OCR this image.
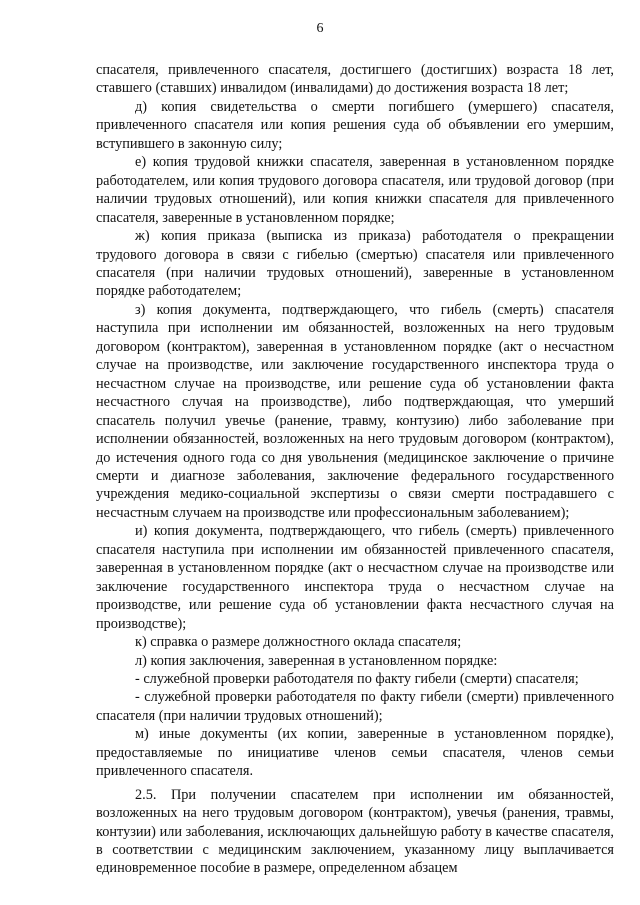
6

спасателя, привлеченного спасателя, достигшего (достигших) возраста 18 лет, ставшего (ставших) инвалидом (инвалидами) до достижения возраста 18 лет;

д) копия свидетельства о смерти погибшего (умершего) спасателя, привлеченного спасателя или копия решения суда об объявлении его умершим, вступившего в законную силу;

е) копия трудовой книжки спасателя, заверенная в установленном порядке работодателем, или копия трудового договора спасателя, или трудовой договор (при наличии трудовых отношений), или копия книжки спасателя для привлеченного спасателя, заверенные в установленном порядке;

ж) копия приказа (выписка из приказа) работодателя о прекращении трудового договора в связи с гибелью (смертью) спасателя или привлеченного спасателя (при наличии трудовых отношений), заверенные в установленном порядке работодателем;

з) копия документа, подтверждающего, что гибель (смерть) спасателя наступила при исполнении им обязанностей, возложенных на него трудовым договором (контрактом), заверенная в установленном порядке (акт о несчастном случае на производстве, или заключение государственного инспектора труда о несчастном случае на производстве, или решение суда об установлении факта несчастного случая на производстве), либо подтверждающая, что умерший спасатель получил увечье (ранение, травму, контузию) либо заболевание при исполнении обязанностей, возложенных на него трудовым договором (контрактом), до истечения одного года со дня увольнения (медицинское заключение о причине смерти и диагнозе заболевания, заключение федерального государственного учреждения медико-социальной экспертизы о связи смерти пострадавшего с несчастным случаем на производстве или профессиональным заболеванием);

и) копия документа, подтверждающего, что гибель (смерть) привлеченного спасателя наступила при исполнении им обязанностей привлеченного спасателя, заверенная в установленном порядке (акт о несчастном случае на производстве или заключение государственного инспектора труда о несчастном случае на производстве, или решение суда об установлении факта несчастного случая на производстве);

к) справка о размере должностного оклада спасателя;

л) копия заключения, заверенная в установленном порядке:

- служебной проверки работодателя по факту гибели (смерти) спасателя;

- служебной проверки работодателя по факту гибели (смерти) привлеченного спасателя (при наличии трудовых отношений);

м) иные документы (их копии, заверенные в установленном порядке), предоставляемые по инициативе членов семьи спасателя, членов семьи привлеченного спасателя.

2.5. При получении спасателем при исполнении им обязанностей, возложенных на него трудовым договором (контрактом), увечья (ранения, травмы, контузии) или заболевания, исключающих дальнейшую работу в качестве спасателя, в соответствии с медицинским заключением, указанному лицу выплачивается единовременное пособие в размере, определенном абзацем
